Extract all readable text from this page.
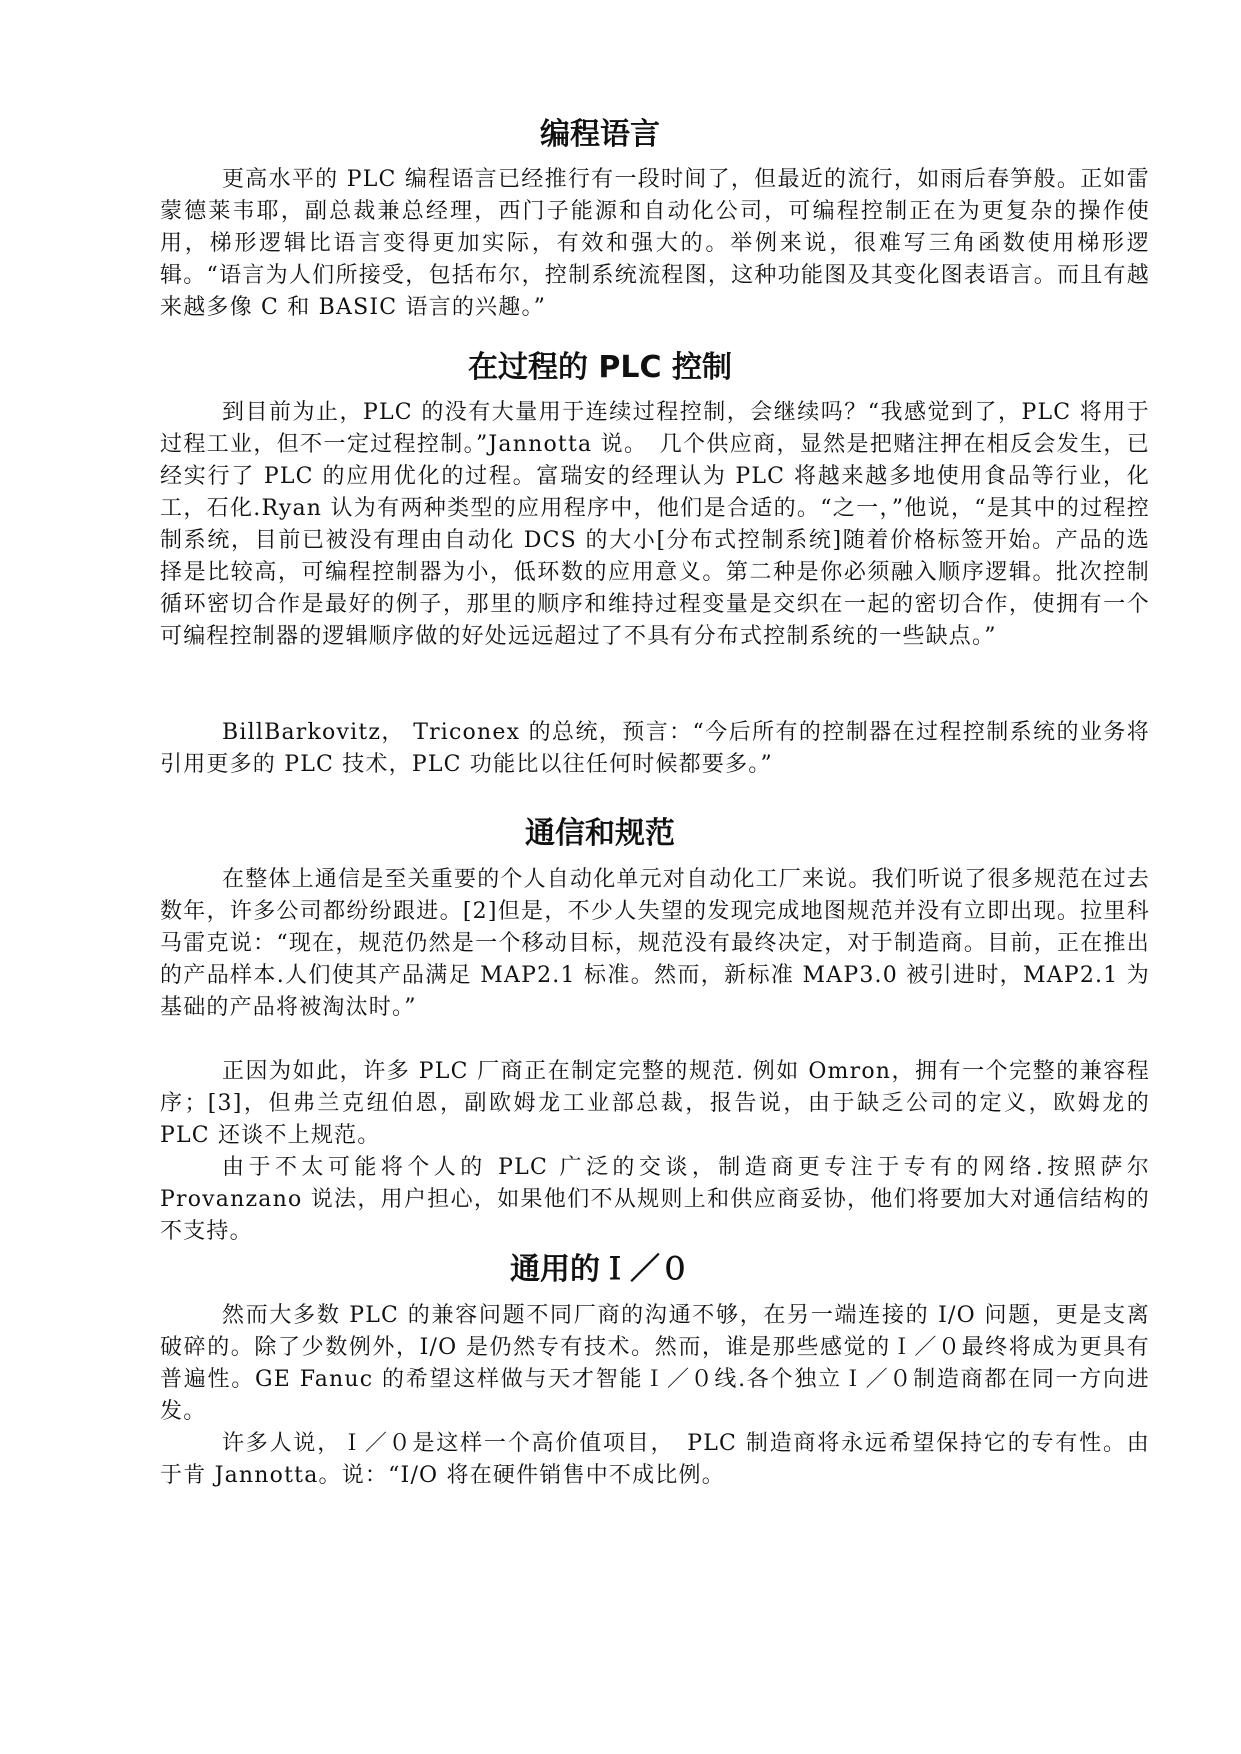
编程语言

更高水平的 PLC 编程语言已经推行有一段时间了，但最近的流行，如雨后春笋般。正如雷蒙德莱韦耶，副总裁兼总经理，西门子能源和自动化公司，可编程控制正在为更复杂的操作使用，梯形逻辑比语言变得更加实际，有效和强大的。举例来说，很难写三角函数使用梯形逻辑。“语言为人们所接受，包括布尔，控制系统流程图，这种功能图及其变化图表语言。而且有越来越多像 C 和 BASIC 语言的兴趣。”

在过程的 PLC 控制

到目前为止，PLC 的没有大量用于连续过程控制，会继续吗？“我感觉到了，PLC 将用于过程工业，但不一定过程控制。”Jannotta 说。　几个供应商，显然是把赌注押在相反会发生，已经实行了 PLC 的应用优化的过程。富瑞安的经理认为 PLC 将越来越多地使用食品等行业，化工，石化.Ryan 认为有两种类型的应用程序中，他们是合适的。“之一，”他说，“是其中的过程控制系统，目前已被没有理由自动化 DCS 的大小[分布式控制系统]随着价格标签开始。产品的选择是比较高，可编程控制器为小，低环数的应用意义。第二种是你必须融入顺序逻辑。批次控制循环密切合作是最好的例子，那里的顺序和维持过程变量是交织在一起的密切合作，使拥有一个可编程控制器的逻辑顺序做的好处远远超过了不具有分布式控制系统的一些缺点。”

BillBarkovitz， Triconex 的总统，预言：“今后所有的控制器在过程控制系统的业务将引用更多的 PLC 技术，PLC 功能比以往任何时候都要多。”

通信和规范

在整体上通信是至关重要的个人自动化单元对自动化工厂来说。我们听说了很多规范在过去数年，许多公司都纷纷跟进。[2]但是，不少人失望的发现完成地图规范并没有立即出现。拉里科马雷克说：“现在，规范仍然是一个移动目标，规范没有最终决定，对于制造商。目前，正在推出的产品样本.人们使其产品满足 MAP2.1 标准。然而，新标准 MAP3.0 被引进时，MAP2.1 为基础的产品将被淘汰时。”

正因为如此，许多 PLC 厂商正在制定完整的规范. 例如 Omron，拥有一个完整的兼容程序；[3]，但弗兰克纽伯恩，副欧姆龙工业部总裁，报告说，由于缺乏公司的定义，欧姆龙的 PLC 还谈不上规范。

由于不太可能将个人的 PLC 广泛的交谈，制造商更专注于专有的网络.按照萨尔 Provanzano 说法，用户担心，如果他们不从规则上和供应商妥协，他们将要加大对通信结构的不支持。

通用的Ｉ／０

然而大多数 PLC 的兼容问题不同厂商的沟通不够，在另一端连接的 I/O 问题，更是支离破碎的。除了少数例外，I/O 是仍然专有技术。然而，谁是那些感觉的Ｉ／０最终将成为更具有普遍性。GE Fanuc 的希望这样做与天才智能Ｉ／０线.各个独立Ｉ／０制造商都在同一方向进发。

许多人说，Ｉ／０是这样一个高价值项目，　PLC 制造商将永远希望保持它的专有性。由于肯 Jannotta。说：“I/O 将在硬件销售中不成比例。
